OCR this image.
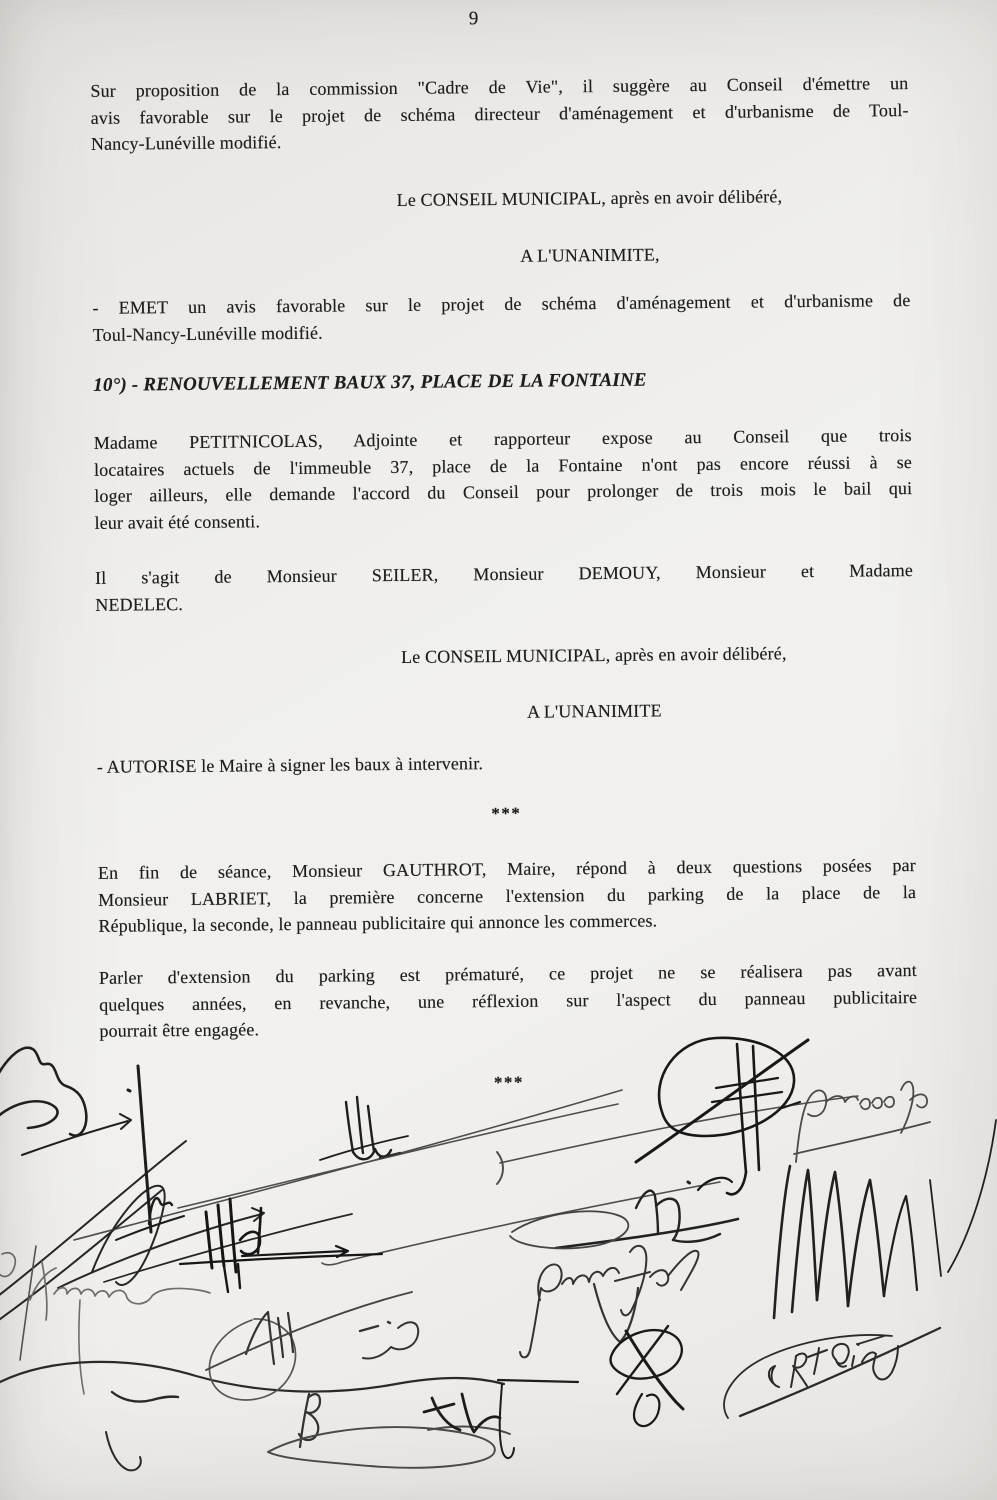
9
Sur proposition de la commission "Cadre de Vie", il suggère au Conseil d'émettre un
avis favorable sur le projet de schéma directeur d'aménagement et d'urbanisme de Toul-
Nancy-Lunéville modifié.
Le CONSEIL MUNICIPAL, après en avoir délibéré,
A L'UNANIMITE,
- EMET un avis favorable sur le projet de schéma d'aménagement et d'urbanisme de
Toul-Nancy-Lunéville modifié.
10°) - RENOUVELLEMENT BAUX 37, PLACE DE LA FONTAINE
Madame PETITNICOLAS, Adjointe et rapporteur expose au Conseil que trois
locataires actuels de l'immeuble 37, place de la Fontaine n'ont pas encore réussi à se
loger ailleurs, elle demande l'accord du Conseil pour prolonger de trois mois le bail qui
leur avait été consenti.
Il s'agit de Monsieur SEILER, Monsieur DEMOUY, Monsieur et Madame
NEDELEC.
Le CONSEIL MUNICIPAL, après en avoir délibéré,
A L'UNANIMITE
- AUTORISE le Maire à signer les baux à intervenir.
***
En fin de séance, Monsieur GAUTHROT, Maire, répond à deux questions posées par
Monsieur LABRIET, la première concerne l'extension du parking de la place de la
République, la seconde, le panneau publicitaire qui annonce les commerces.
Parler d'extension du parking est prématuré, ce projet ne se réalisera pas avant
quelques années, en revanche, une réflexion sur l'aspect du panneau publicitaire
pourrait être engagée.
***
